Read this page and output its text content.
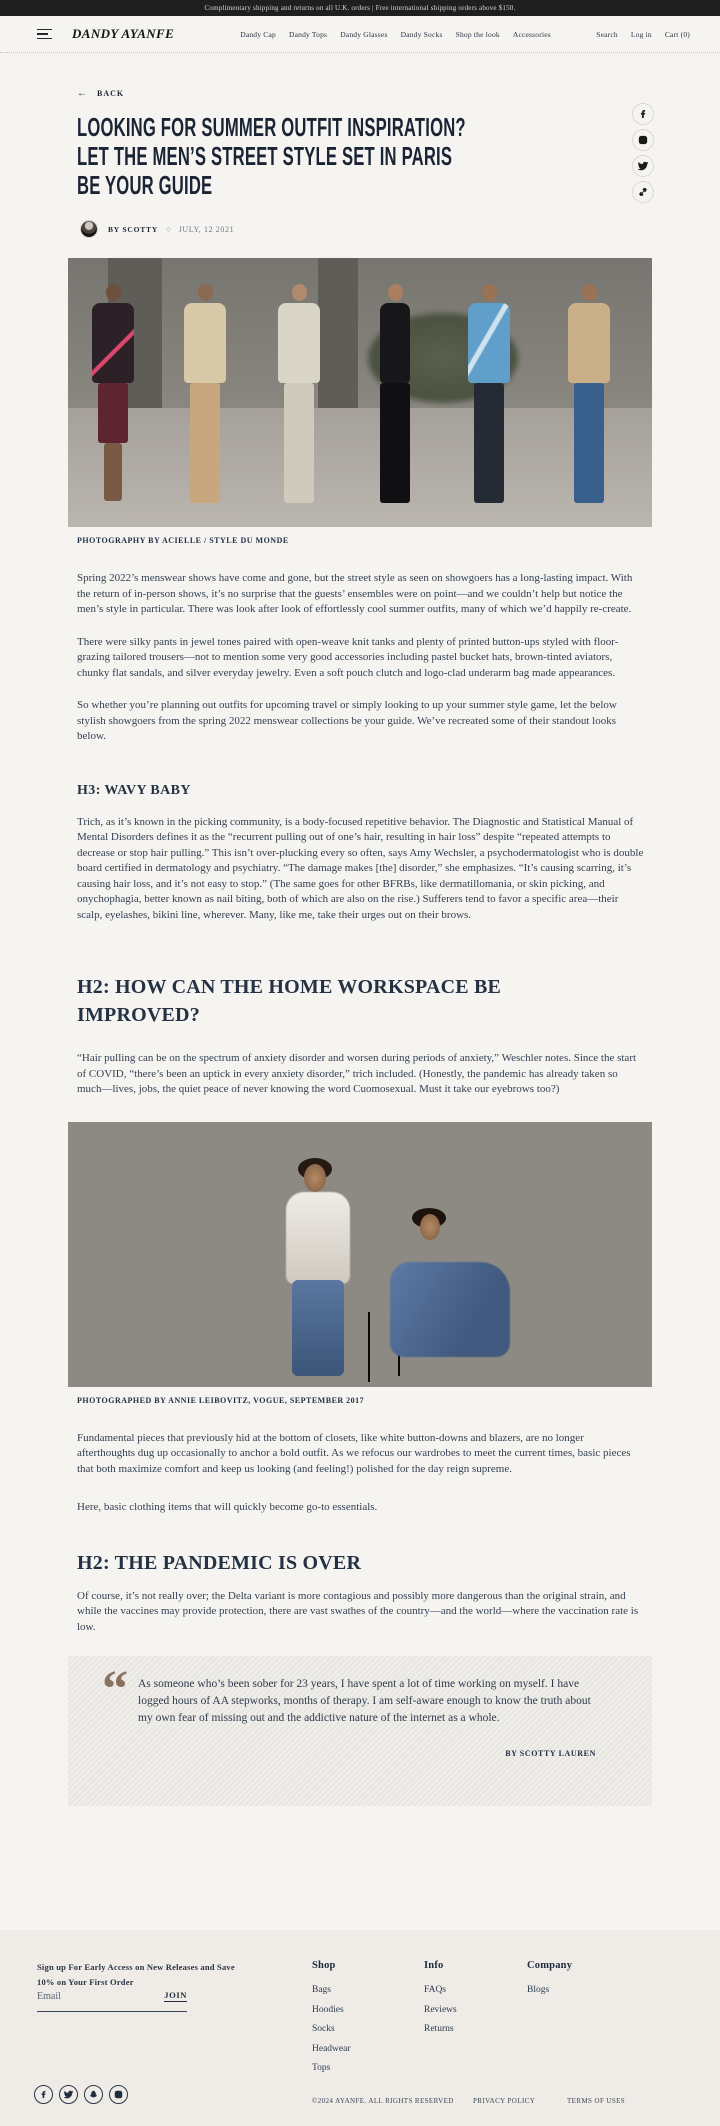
Complimentary shipping and returns on all U.K. orders | Free international shipping orders above $150.
DANDY AYANFE	Dandy Cap Dandy Tops Dandy Glasses Dandy Socks Shop the look Accessories	Search Log in Cart (0)
← BACK
LOOKING FOR SUMMER OUTFIT INSPIRATION?
LET THE MEN’S STREET STYLE SET IN PARIS
BE YOUR GUIDE
BY SCOTTY ◇ JULY, 12 2021
PHOTOGRAPHY BY ACIELLE / STYLE DU MONDE

Spring 2022’s menswear shows have come and gone, but the street style as seen on showgoers has a long-lasting impact. With the return of in-person shows, it’s no surprise that the guests’ ensembles were on point—and we couldn’t help but notice the men’s style in particular. There was look after look of effortlessly cool summer outfits, many of which we’d happily re-create.

There were silky pants in jewel tones paired with open-weave knit tanks and plenty of printed button-ups styled with floor-grazing tailored trousers—not to mention some very good accessories including pastel bucket hats, brown-tinted aviators, chunky flat sandals, and silver everyday jewelry. Even a soft pouch clutch and logo-clad underarm bag made appearances.

So whether you’re planning out outfits for upcoming travel or simply looking to up your summer style game, let the below stylish showgoers from the spring 2022 menswear collections be your guide. We’ve recreated some of their standout looks below.

H3: WAVY BABY

Trich, as it’s known in the picking community, is a body-focused repetitive behavior. The Diagnostic and Statistical Manual of Mental Disorders defines it as the “recurrent pulling out of one’s hair, resulting in hair loss” despite “repeated attempts to decrease or stop hair pulling.” This isn’t over-plucking every so often, says Amy Wechsler, a psychodermatologist who is double board certified in dermatology and psychiatry. “The damage makes [the] disorder,” she emphasizes. “It’s causing scarring, it’s causing hair loss, and it’s not easy to stop.” (The same goes for other BFRBs, like dermatillomania, or skin picking, and onychophagia, better known as nail biting, both of which are also on the rise.) Sufferers tend to favor a specific area—their scalp, eyelashes, bikini line, wherever. Many, like me, take their urges out on their brows.

H2: HOW CAN THE HOME WORKSPACE BE IMPROVED?

“Hair pulling can be on the spectrum of anxiety disorder and worsen during periods of anxiety,” Weschler notes. Since the start of COVID, “there’s been an uptick in every anxiety disorder,” trich included. (Honestly, the pandemic has already taken so much—lives, jobs, the quiet peace of never knowing the word Cuomosexual. Must it take our eyebrows too?)

PHOTOGRAPHED BY ANNIE LEIBOVITZ, VOGUE, SEPTEMBER 2017

Fundamental pieces that previously hid at the bottom of closets, like white button-downs and blazers, are no longer afterthoughts dug up occasionally to anchor a bold outfit. As we refocus our wardrobes to meet the current times, basic pieces that both maximize comfort and keep us looking (and feeling!) polished for the day reign supreme.

Here, basic clothing items that will quickly become go-to essentials.

H2: THE PANDEMIC IS OVER

Of course, it’s not really over; the Delta variant is more contagious and possibly more dangerous than the original strain, and while the vaccines may provide protection, there are vast swathes of the country—and the world—where the vaccination rate is low.

“ As someone who’s been sober for 23 years, I have spent a lot of time working on myself. I have logged hours of AA stepworks, months of therapy. I am self-aware enough to know the truth about my own fear of missing out and the addictive nature of the internet as a whole.
BY SCOTTY LAUREN
Sign up For Early Access on New Releases and Save 10% on Your First Order
Email
JOIN
Shop
Bags
Hoodies
Socks
Headwear
Tops
Info
FAQs
Reviews
Returns
Company
Blogs
©2024 AYANFE. ALL RIGHTS RESERVED	PRIVACY POLICY	TERMS OF USES
